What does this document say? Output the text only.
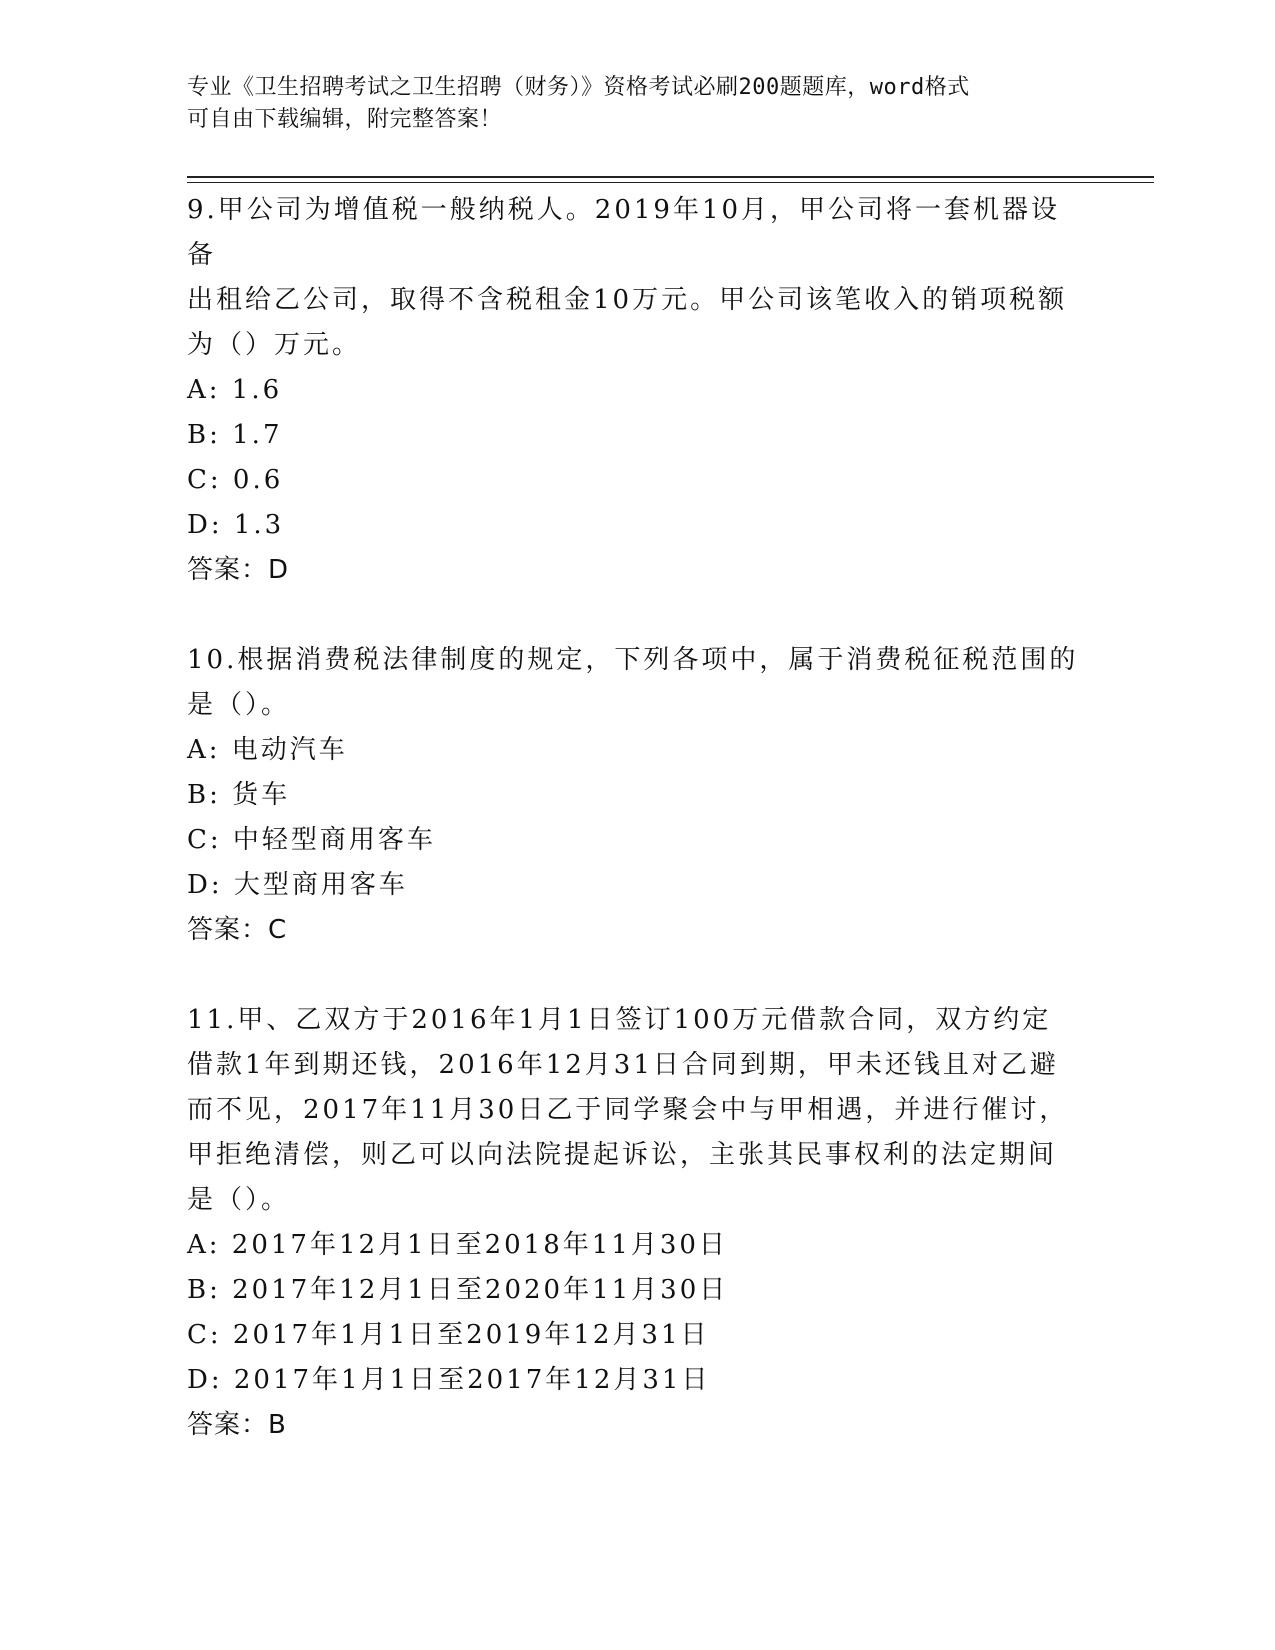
专业《卫生招聘考试之卫生招聘（财务）》资格考试必刷200题题库，word格式
可自由下载编辑，附完整答案！
9.甲公司为增值税一般纳税人。2019年10月，甲公司将一套机器设备
出租给乙公司，取得不含税租金10万元。甲公司该笔收入的销项税额
为（）万元。
A: 1.6
B: 1.7
C: 0.6
D: 1.3
答案：D
10.根据消费税法律制度的规定，下列各项中，属于消费税征税范围的
是（）。
A: 电动汽车
B: 货车
C: 中轻型商用客车
D: 大型商用客车
答案：C
11.甲、乙双方于2016年1月1日签订100万元借款合同，双方约定
借款1年到期还钱，2016年12月31日合同到期，甲未还钱且对乙避
而不见，2017年11月30日乙于同学聚会中与甲相遇，并进行催讨，
甲拒绝清偿，则乙可以向法院提起诉讼，主张其民事权利的法定期间
是（）。
A: 2017年12月1日至2018年11月30日
B: 2017年12月1日至2020年11月30日
C: 2017年1月1日至2019年12月31日
D: 2017年1月1日至2017年12月31日
答案：B
